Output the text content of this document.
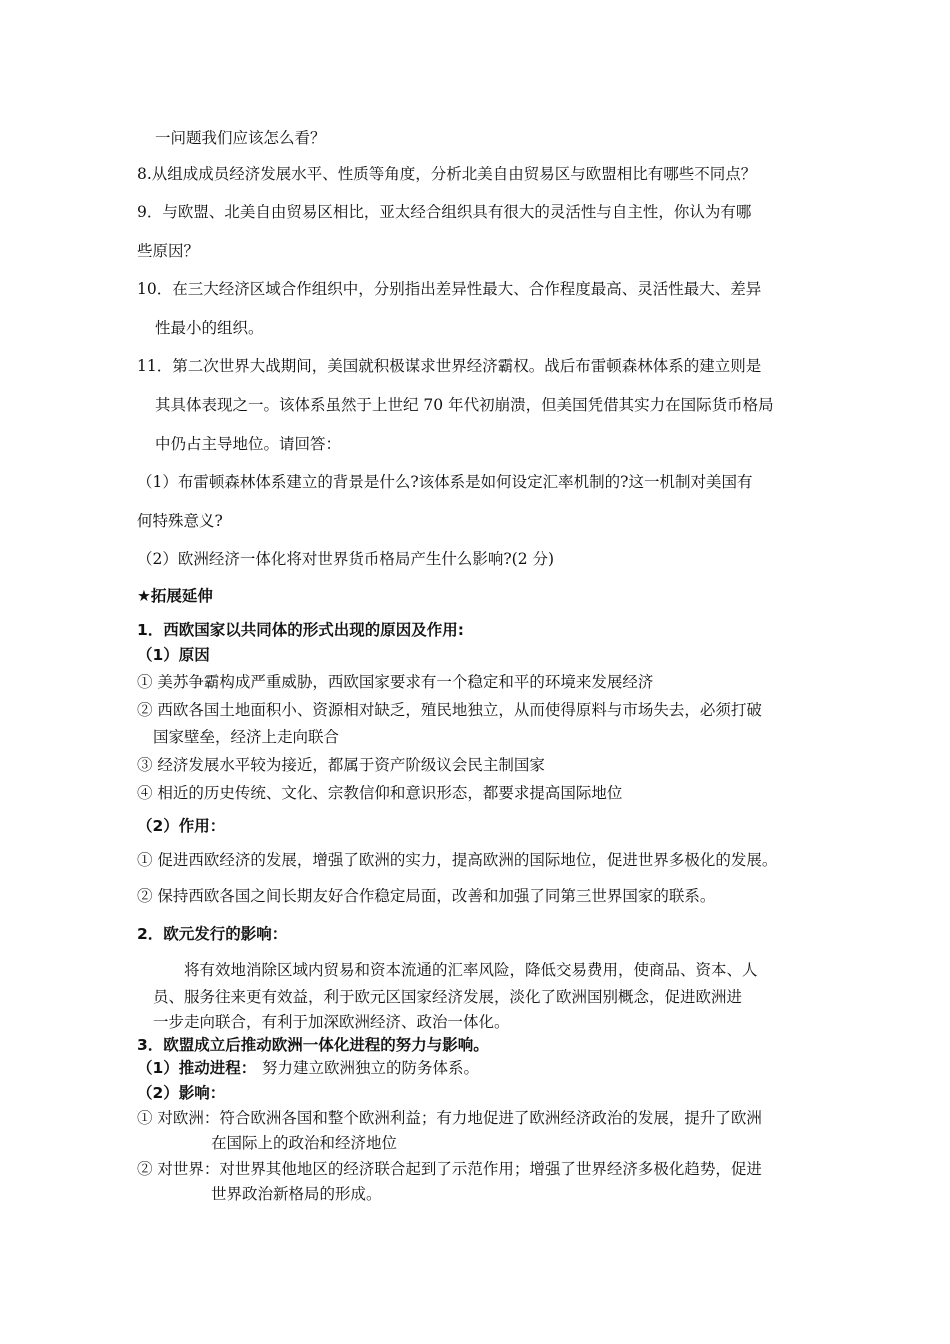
一问题我们应该怎么看？
8.从组成成员经济发展水平、性质等角度，分析北美自由贸易区与欧盟相比有哪些不同点？
9．与欧盟、北美自由贸易区相比，亚太经合组织具有很大的灵活性与自主性，你认为有哪
些原因？
10．在三大经济区域合作组织中，分别指出差异性最大、合作程度最高、灵活性最大、差异
性最小的组织。
11．第二次世界大战期间，美国就积极谋求世界经济霸权。战后布雷顿森林体系的建立则是
其具体表现之一。该体系虽然于上世纪 70 年代初崩溃，但美国凭借其实力在国际货币格局
中仍占主导地位。请回答：
（1）布雷顿森林体系建立的背景是什么?该体系是如何设定汇率机制的?这一机制对美国有
何特殊意义?
（2）欧洲经济一体化将对世界货币格局产生什么影响?(2 分)
★拓展延伸
1．西欧国家以共同体的形式出现的原因及作用:
（1）原因
① 美苏争霸构成严重威胁，西欧国家要求有一个稳定和平的环境来发展经济
② 西欧各国土地面积小、资源相对缺乏，殖民地独立，从而使得原料与市场失去，必须打破
国家壁垒，经济上走向联合
③ 经济发展水平较为接近，都属于资产阶级议会民主制国家
④ 相近的历史传统、文化、宗教信仰和意识形态，都要求提高国际地位
（2）作用：
① 促进西欧经济的发展，增强了欧洲的实力，提高欧洲的国际地位，促进世界多极化的发展。
② 保持西欧各国之间长期友好合作稳定局面，改善和加强了同第三世界国家的联系。
2．欧元发行的影响：
将有效地消除区域内贸易和资本流通的汇率风险，降低交易费用，使商品、资本、人
员、服务往来更有效益，利于欧元区国家经济发展，淡化了欧洲国别概念，促进欧洲进
一步走向联合，有利于加深欧洲经济、政治一体化。
3．欧盟成立后推动欧洲一体化进程的努力与影响。
（1）推动进程： 努力建立欧洲独立的防务体系。
（2）影响：
① 对欧洲：符合欧洲各国和整个欧洲利益；有力地促进了欧洲经济政治的发展，提升了欧洲
在国际上的政治和经济地位
② 对世界：对世界其他地区的经济联合起到了示范作用；增强了世界经济多极化趋势，促进
世界政治新格局的形成。
